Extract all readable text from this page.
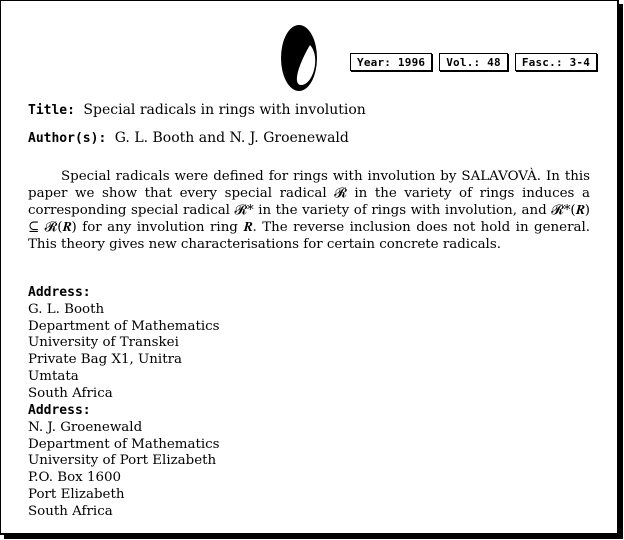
Year: 1996	Vol.: 48	Fasc.: 3-4
Title: Special radicals in rings with involution
Author(s): G. L. Booth and N. J. Groenewald
Special radicals were defined for rings with involution by SALAVOVÀ. In this paper we show that every special radical 𝓡 in the variety of rings induces a corresponding special radical 𝓡* in the variety of rings with involution, and 𝓡*(𝑹) ⊆ 𝓡(𝑹) for any involution ring 𝑹. The reverse inclusion does not hold in general. This theory gives new characterisations for certain concrete radicals.
Address:
G. L. Booth
Department of Mathematics
University of Transkei
Private Bag X1, Unitra
Umtata
South Africa
Address:
N. J. Groenewald
Department of Mathematics
University of Port Elizabeth
P.O. Box 1600
Port Elizabeth
South Africa
